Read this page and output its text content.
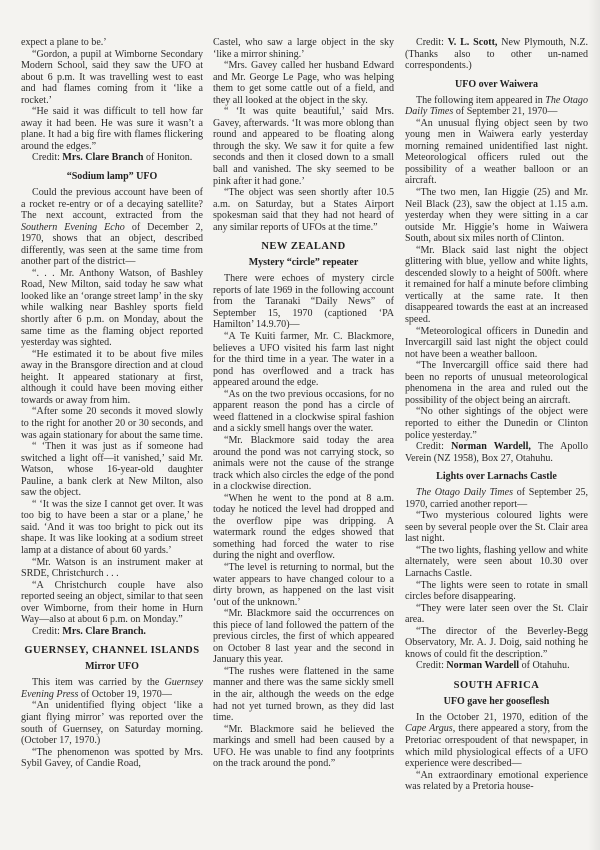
expect a plane to be.’

“Gordon, a pupil at Wimborne Secondary Modern School, said they saw the UFO at about 6 p.m. It was travelling west to east and had flames coming from it ‘like a rocket.’

“He said it was difficult to tell how far away it had been. He was sure it wasn’t a plane. It had a big fire with flames flickering around the edges.”

Credit: Mrs. Clare Branch of Honiton.

“Sodium lamp” UFO

Could the previous account have been of a rocket re-entry or of a decaying satellite? The next account, extracted from the Southern Evening Echo of December 2, 1970, shows that an object, described differently, was seen at the same time from another part of the district—

“. . . Mr. Anthony Watson, of Bashley Road, New Milton, said today he saw what looked like an ‘orange street lamp’ in the sky while walking near Bashley sports field shortly after 6 p.m. on Monday, about the same time as the flaming object reported yesterday was sighted.

“He estimated it to be about five miles away in the Bransgore direction and at cloud height. It appeared stationary at first, although it could have been moving either towards or away from him.

“After some 20 seconds it moved slowly to the right for another 20 or 30 seconds, and was again stationary for about the same time.

“ ‘Then it was just as if someone had switched a light off—it vanished,’ said Mr. Watson, whose 16-year-old daughter Pauline, a bank clerk at New Milton, also saw the object.

“ ‘It was the size I cannot get over. It was too big to have been a star or a plane,’ he said. ‘And it was too bright to pick out its shape. It was like looking at a sodium street lamp at a distance of about 60 yards.’

“Mr. Watson is an instrument maker at SRDE, Christchurch . . .

“A Christchurch couple have also reported seeing an object, similar to that seen over Wimborne, from their home in Hurn Way—also at about 6 p.m. on Monday.”

Credit: Mrs. Clare Branch.

GUERNSEY, CHANNEL ISLANDS
Mirror UFO

This item was carried by the Guernsey Evening Press of October 19, 1970—

“An unidentified flying object ‘like a giant flying mirror’ was reported over the south of Guernsey, on Saturday morning. (October 17, 1970.)

“The phenomenon was spotted by Mrs. Sybil Gavey, of Candie Road,

Castel, who saw a large object in the sky ‘like a mirror shining.’

“Mrs. Gavey called her husband Edward and Mr. George Le Page, who was helping them to get some cattle out of a field, and they all looked at the object in the sky.

“ ‘It was quite beautiful,’ said Mrs. Gavey, afterwards. ‘It was more oblong than round and appeared to be floating along through the sky. We saw it for quite a few seconds and then it closed down to a small ball and vanished. The sky seemed to be pink after it had gone.’

“The object was seen shortly after 10.5 a.m. on Saturday, but a States Airport spokesman said that they had not heard of any similar reports of UFOs at the time.”

NEW ZEALAND
Mystery “circle” repeater

There were echoes of mystery circle reports of late 1969 in the following account from the Taranaki “Daily News” of September 15, 1970 (captioned ‘PA Hamilton’ 14.9.70)—

“A Te Kuiti farmer, Mr. C. Blackmore, believes a UFO visited his farm last night for the third time in a year. The water in a pond has overflowed and a track has appeared around the edge.

“As on the two previous occasions, for no apparent reason the pond has a circle of weed flattened in a clockwise spiral fashion and a sickly smell hangs over the water.

“Mr. Blackmore said today the area around the pond was not carrying stock, so animals were not the cause of the strange track which also circles the edge of the pond in a clockwise direction.

“When he went to the pond at 8 a.m. today he noticed the level had dropped and the overflow pipe was dripping. A watermark round the edges showed that something had forced the water to rise during the night and overflow.

“The level is returning to normal, but the water appears to have changed colour to a dirty brown, as happened on the last visit ‘out of the unknown.’

“Mr. Blackmore said the occurrences on this piece of land followed the pattern of the previous circles, the first of which appeared on October 8 last year and the second in January this year.

“The rushes were flattened in the same manner and there was the same sickly smell in the air, although the weeds on the edge had not yet turned brown, as they did last time.

“Mr. Blackmore said he believed the markings and smell had been caused by a UFO. He was unable to find any footprints on the track around the pond.”

Credit: V. L. Scott, New Plymouth, N.Z. (Thanks also to other un-named correspondents.)

UFO over Waiwera

The following item appeared in The Otago Daily Times of September 21, 1970—

“An unusual flying object seen by two young men in Waiwera early yesterday morning remained unidentified last night. Meteorological officers ruled out the possibility of a weather balloon or an aircraft.

“The two men, Ian Higgie (25) and Mr. Neil Black (23), saw the object at 1.15 a.m. yesterday when they were sitting in a car outside Mr. Higgie’s home in Waiwera South, about six miles north of Clinton.

“Mr. Black said last night the object glittering with blue, yellow and white lights, descended slowly to a height of 500ft. where it remained for half a minute before climbing vertically at the same rate. It then disappeared towards the east at an increased speed.

“Meteorological officers in Dunedin and Invercargill said last night the object could not have been a weather balloon.

“The Invercargill office said there had been no reports of unusual meteorological phenomena in the area and ruled out the possibility of the object being an aircraft.

“No other sightings of the object were reported to either the Dunedin or Clinton police yesterday.”

Credit: Norman Wardell, The Apollo Verein (NZ 1958), Box 27, Otahuhu.

Lights over Larnachs Castle

The Otago Daily Times of September 25, 1970, carried another report—

“Two mysterious coloured lights were seen by several people over the St. Clair area last night.

“The two lights, flashing yellow and white alternately, were seen about 10.30 over Larnachs Castle.

“The lights were seen to rotate in small circles before disappearing.

“They were later seen over the St. Clair area.

“The director of the Beverley-Begg Observatory, Mr. A. J. Doig, said nothing he knows of could fit the description.”

Credit: Norman Wardell of Otahuhu.

SOUTH AFRICA
UFO gave her gooseflesh

In the October 21, 1970, edition of the Cape Argus, there appeared a story, from the Pretoriac orrespoudent of that newspaper, in which mild physiological effects of a UFO experience were described—

“An extraordinary emotional experience was related by a Pretoria house-
